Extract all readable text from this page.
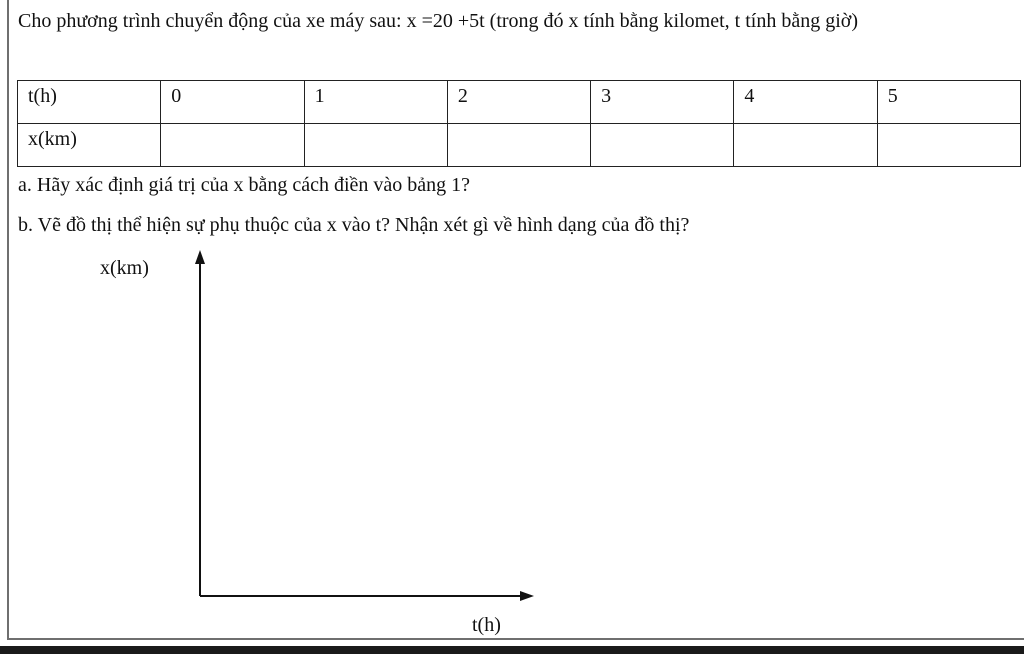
Cho phương trình chuyển động của xe máy sau: x =20 +5t (trong đó x tính bằng kilomet, t tính bằng giờ)

t(h)	0	1	2	3	4	5
x(km)						

a. Hãy xác định giá trị của x bằng cách điền vào bảng 1?

b. Vẽ đồ thị thể hiện sự phụ thuộc của x vào t? Nhận xét gì về hình dạng của đồ thị?

x(km)
t(h)
